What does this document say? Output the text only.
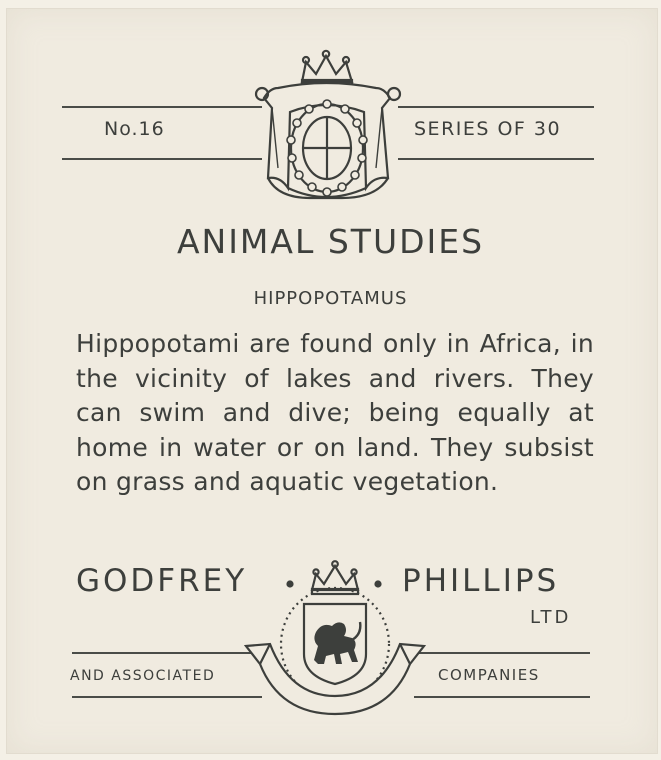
No.16	SERIES OF 30
ANIMAL STUDIES
HIPPOPOTAMUS

Hippopotami are found only in Africa, in the vicinity of lakes and rivers. They can swim and dive; being equally at home in water or on land. They subsist on grass and aquatic vegetation.

GODFREY	PHILLIPS
LTD
AND ASSOCIATED	COMPANIES
